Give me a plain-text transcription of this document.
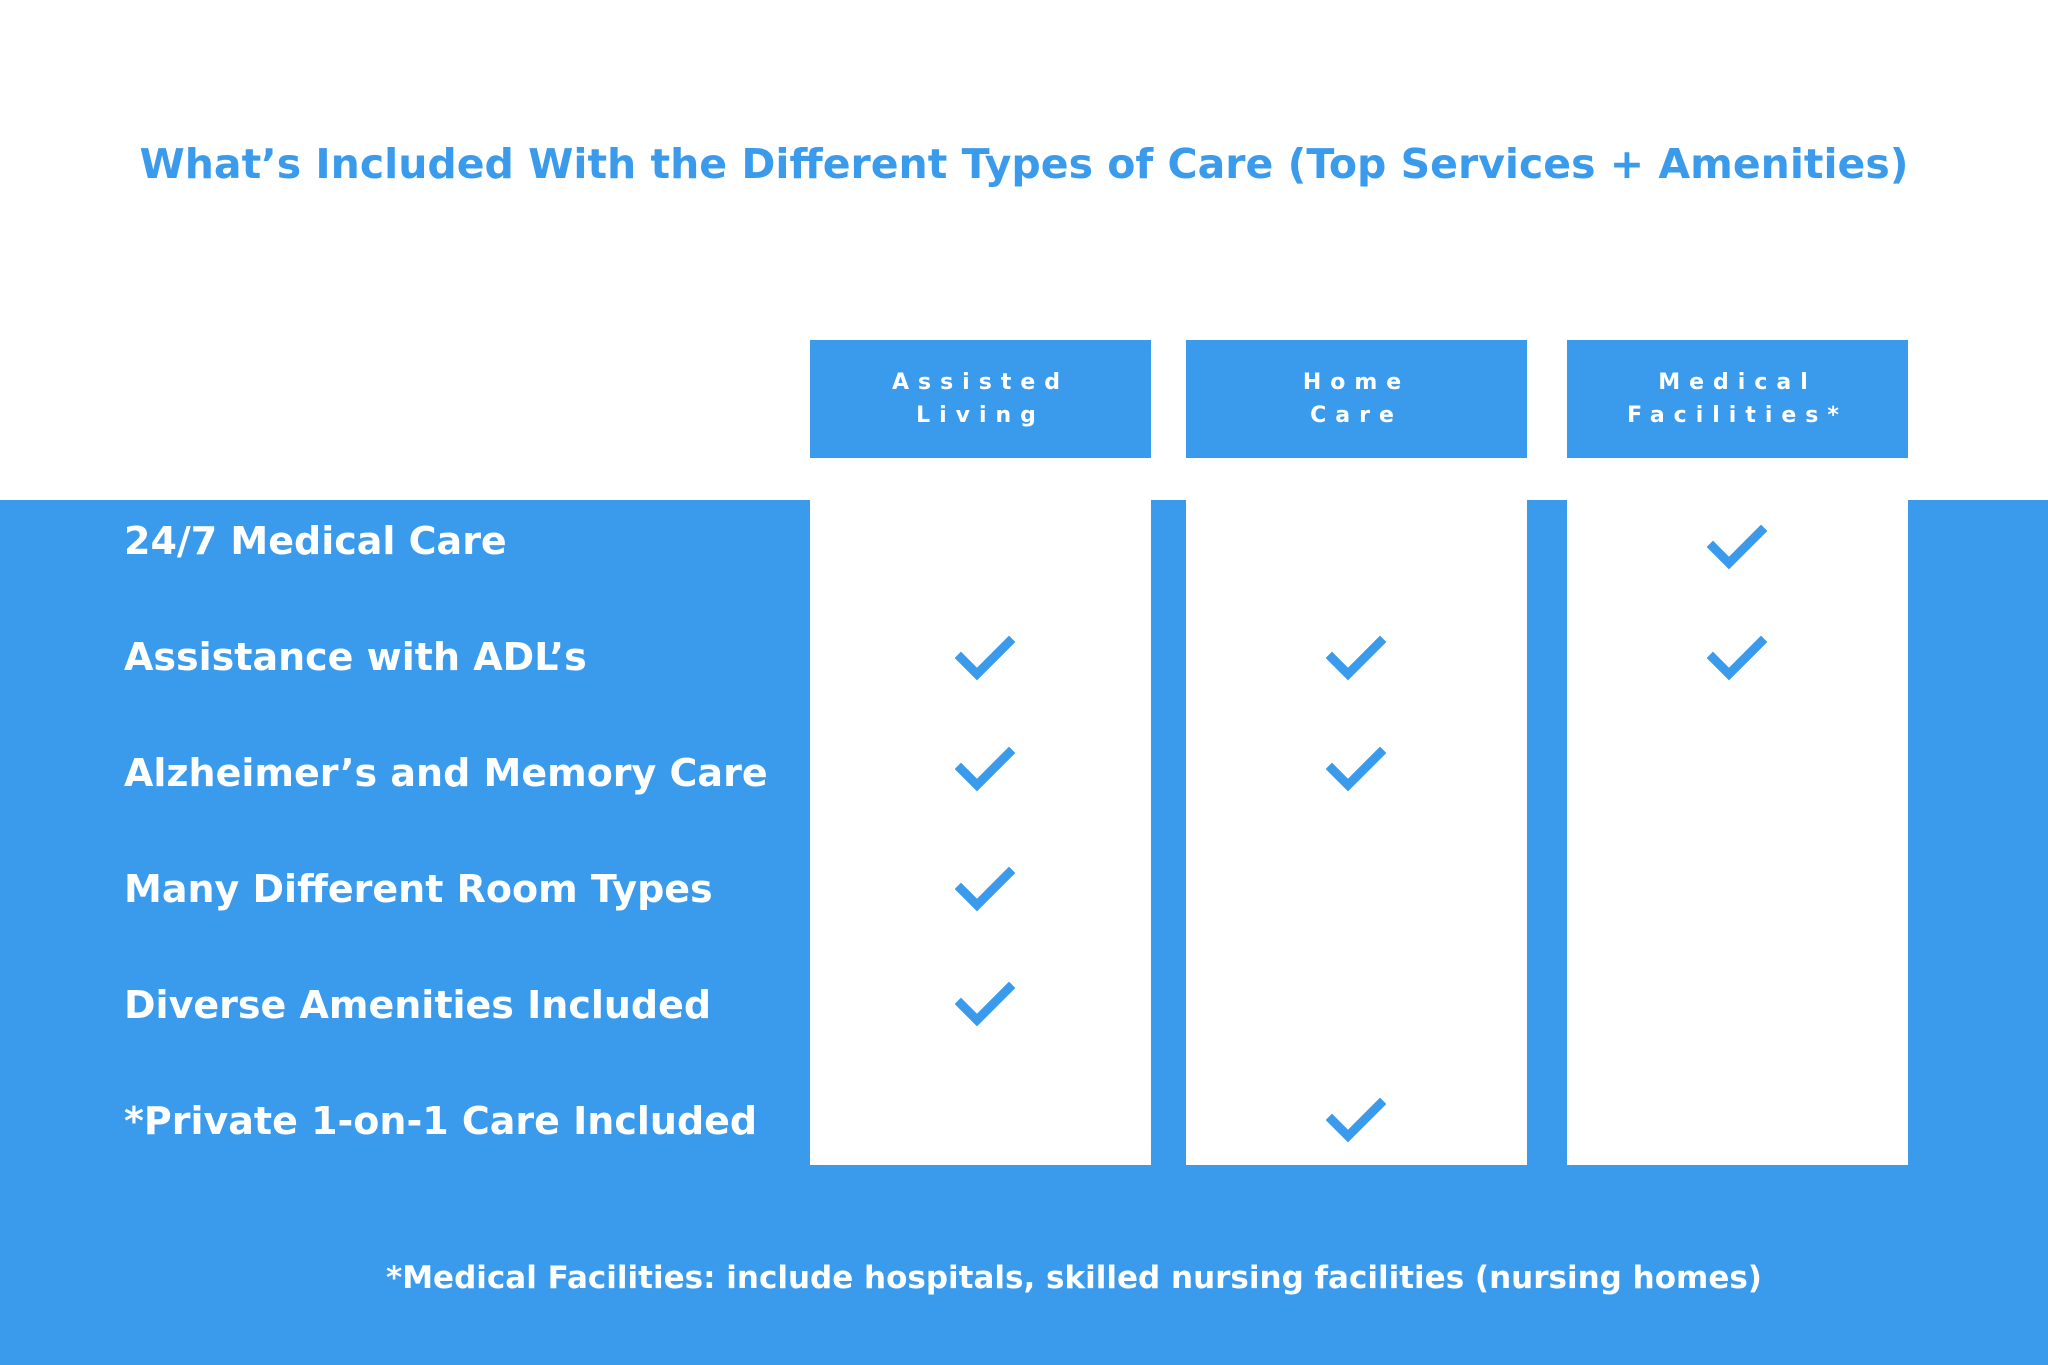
What’s Included With the Different Types of Care (Top Services + Amenities)
Assisted
Living
Home
Care
Medical
Facilities*
24/7 Medical Care
Assistance with ADL’s
Alzheimer’s and Memory Care
Many Different Room Types
Diverse Amenities Included
*Private 1-on-1 Care Included
*Medical Facilities: include hospitals, skilled nursing facilities (nursing homes)
